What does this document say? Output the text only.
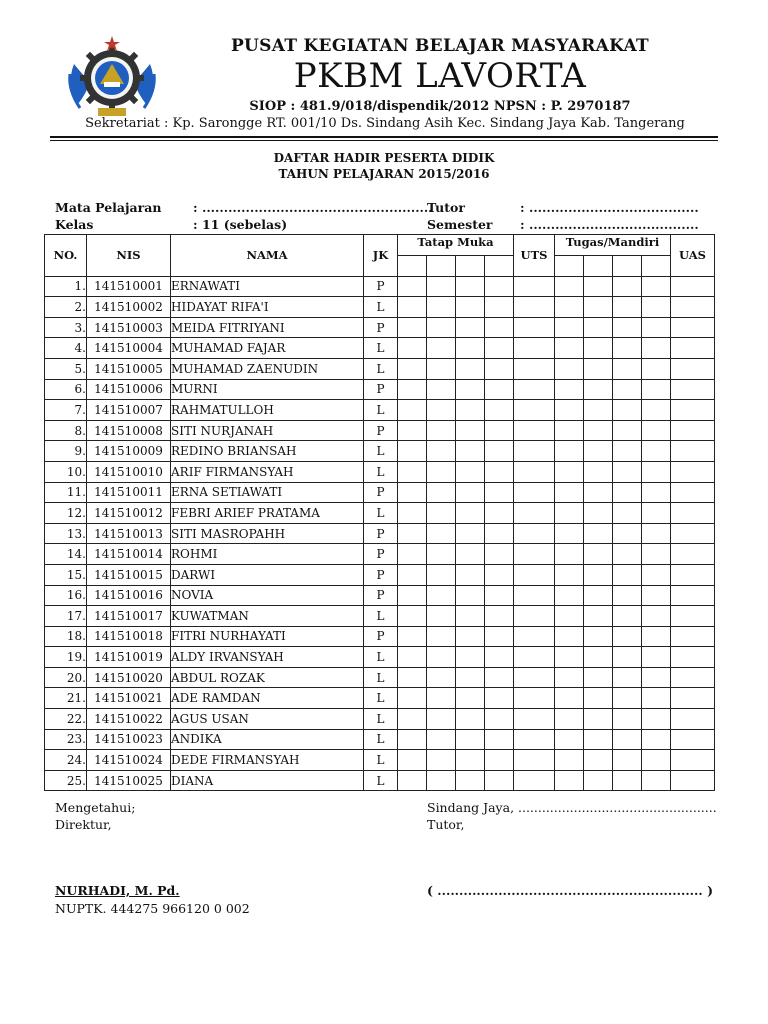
PUSAT KEGIATAN BELAJAR MASYARAKAT
PKBM LAVORTA
SIOP : 481.9/018/dispendik/2012 NPSN : P. 2970187
Sekretariat : Kp. Sarongge RT. 001/10 Ds. Sindang Asih Kec. Sindang Jaya Kab. Tangerang
DAFTAR HADIR PESERTA DIDIK
TAHUN PELAJARAN 2015/2016
Mata Pelajaran	: .....................................................
Kelas	: 11 (sebelas)
Tutor	: .......................................
Semester : .......................................
NO.	NIS	NAMA	JK	Tatap Muka				UTS	Tugas/Mandiri				UAS

1.	141510001	ERNAWATI	P										
2.	141510002	HIDAYAT RIFA'I	L										
3.	141510003	MEIDA FITRIYANI	P										
4.	141510004	MUHAMAD FAJAR	L										
5.	141510005	MUHAMAD ZAENUDIN	L										
6.	141510006	MURNI	P										
7.	141510007	RAHMATULLOH	L										
8.	141510008	SITI NURJANAH	P										
9.	141510009	REDINO BRIANSAH	L										
10.	141510010	ARIF FIRMANSYAH	L										
11.	141510011	ERNA SETIAWATI	P										
12.	141510012	FEBRI ARIEF PRATAMA	L										
13.	141510013	SITI MASROPAHH	P										
14.	141510014	ROHMI	P										
15.	141510015	DARWI	P										
16.	141510016	NOVIA	P										
17.	141510017	KUWATMAN	L										
18.	141510018	FITRI NURHAYATI	P										
19.	141510019	ALDY IRVANSYAH	L										
20.	141510020	ABDUL ROZAK	L										
21.	141510021	ADE RAMDAN	L										
22.	141510022	AGUS USAN	L										
23.	141510023	ANDIKA	L										
24.	141510024	DEDE FIRMANSYAH	L										
25.	141510025	DIANA	L										
Mengetahui;
Direktur,
Sindang Jaya, ..................................................
Tutor,
NURHADI, M. Pd.
NUPTK. 444275 966120 0 002
( ............................................................. )
